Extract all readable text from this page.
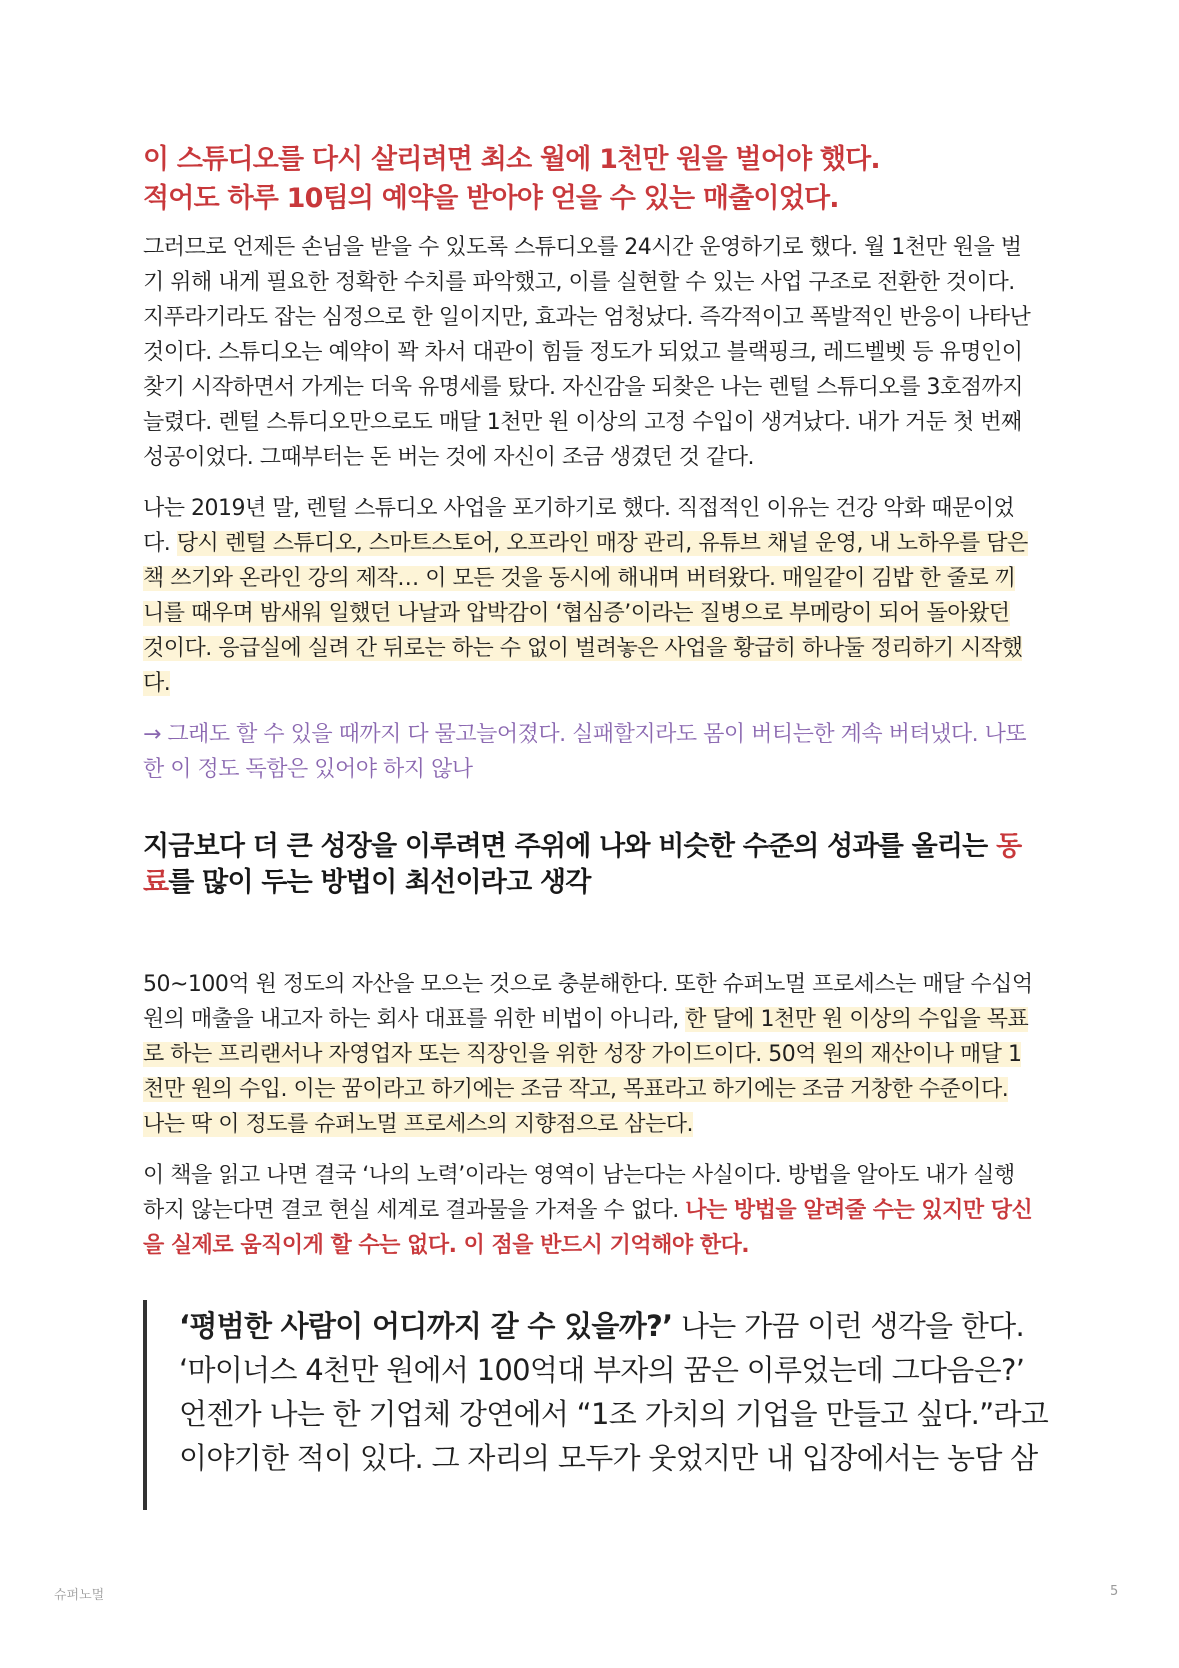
이 스튜디오를 다시 살리려면 최소 월에 1천만 원을 벌어야 했다.
적어도 하루 10팀의 예약을 받아야 얻을 수 있는 매출이었다.

그러므로 언제든 손님을 받을 수 있도록 스튜디오를 24시간 운영하기로 했다. 월 1천만 원을 벌기 위해 내게 필요한 정확한 수치를 파악했고, 이를 실현할 수 있는 사업 구조로 전환한 것이다.지푸라기라도 잡는 심정으로 한 일이지만, 효과는 엄청났다. 즉각적이고 폭발적인 반응이 나타난 것이다. 스튜디오는 예약이 꽉 차서 대관이 힘들 정도가 되었고 블랙핑크, 레드벨벳 등 유명인이 찾기 시작하면서 가게는 더욱 유명세를 탔다. 자신감을 되찾은 나는 렌털 스튜디오를 3호점까지 늘렸다. 렌털 스튜디오만으로도 매달 1천만 원 이상의 고정 수입이 생겨났다. 내가 거둔 첫 번째 성공이었다. 그때부터는 돈 버는 것에 자신이 조금 생겼던 것 같다.

나는 2019년 말, 렌털 스튜디오 사업을 포기하기로 했다. 직접적인 이유는 건강 악화 때문이었다. 당시 렌털 스튜디오, 스마트스토어, 오프라인 매장 관리, 유튜브 채널 운영, 내 노하우를 담은 책 쓰기와 온라인 강의 제작… 이 모든 것을 동시에 해내며 버텨왔다. 매일같이 김밥 한 줄로 끼니를 때우며 밤새워 일했던 나날과 압박감이 ‘협심증’이라는 질병으로 부메랑이 되어 돌아왔던 것이다. 응급실에 실려 간 뒤로는 하는 수 없이 벌려놓은 사업을 황급히 하나둘 정리하기 시작했다.

→ 그래도 할 수 있을 때까지 다 물고늘어졌다. 실패할지라도 몸이 버티는한 계속 버텨냈다. 나또한 이 정도 독함은 있어야 하지 않나

지금보다 더 큰 성장을 이루려면 주위에 나와 비슷한 수준의 성과를 올리는 동료를 많이 두는 방법이 최선이라고 생각

50~100억 원 정도의 자산을 모으는 것으로 충분해한다. 또한 슈퍼노멀 프로세스는 매달 수십억 원의 매출을 내고자 하는 회사 대표를 위한 비법이 아니라, 한 달에 1천만 원 이상의 수입을 목표로 하는 프리랜서나 자영업자 또는 직장인을 위한 성장 가이드이다. 50억 원의 재산이나 매달 1천만 원의 수입. 이는 꿈이라고 하기에는 조금 작고, 목표라고 하기에는 조금 거창한 수준이다. 나는 딱 이 정도를 슈퍼노멀 프로세스의 지향점으로 삼는다.

이 책을 읽고 나면 결국 ‘나의 노력’이라는 영역이 남는다는 사실이다. 방법을 알아도 내가 실행하지 않는다면 결코 현실 세계로 결과물을 가져올 수 없다. 나는 방법을 알려줄 수는 있지만 당신을 실제로 움직이게 할 수는 없다. 이 점을 반드시 기억해야 한다.

‘평범한 사람이 어디까지 갈 수 있을까?’ 나는 가끔 이런 생각을 한다.
‘마이너스 4천만 원에서 100억대 부자의 꿈은 이루었는데 그다음은?’
언젠가 나는 한 기업체 강연에서 “1조 가치의 기업을 만들고 싶다.”라고
이야기한 적이 있다. 그 자리의 모두가 웃었지만 내 입장에서는 농담 삼
슈퍼노멀	5
